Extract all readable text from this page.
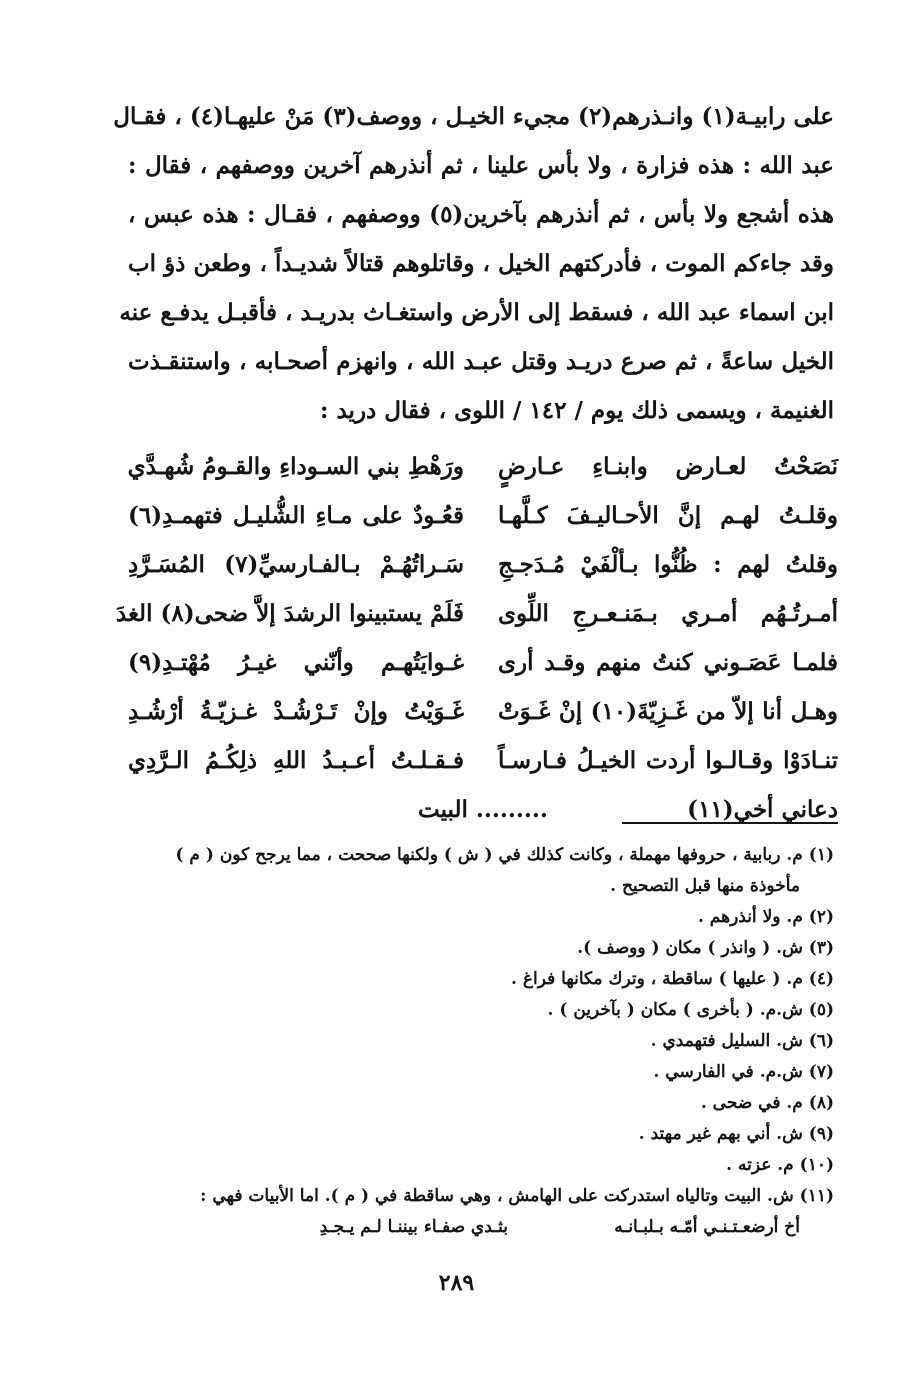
على رابيـة(١) وانـذرهم(٢) مجيء الخيـل ، ووصف(٣) مَنْ عليهـا(٤) ، فقـال
عبد الله : هذه فزارة ، ولا بأس علينا ، ثم أنذرهم آخرين ووصفهم ، فقال :
هذه أشجع ولا بأس ، ثم أنذرهم بآخرين(٥) ووصفهم ، فقـال : هذه عبس ،
وقد جاءكم الموت ، فأدركتهم الخيل ، وقاتلوهم قتالاً شديـداً ، وطعن ذؤ اب
ابن اسماء عبد الله ، فسقط إلى الأرض واستغـاث بدريـد ، فأقبـل يدفـع عنه
الخيل ساعةً ، ثم صرع دريـد وقتل عبـد الله ، وانهزم أصحـابه ، واستنقـذت
الغنيمة ، ويسمى ذلك يوم / ١٤٢ / اللوى ، فقال دريد :
نَصَحْتُ لعـارض وابنـاءِ عـارضٍ
ورَهْطِ بني السـوداءِ والقـومُ شُهـدَّي
وقلـتُ لهـم إنَّ الأحـاليـفَ كـلَّهـا
قعُـودٌ على مـاءِ الشُّليـل فتهمـدِ(٦)
وقلتُ لهم : ظُنُّوا بـألْفَيْ مُـدَجـجِ
سَـراتُهُـمْ بـالفـارسيِّ(٧) المُسَـرَّدِ
أمـرتُـهُم أمـري بـمَنـعـرجِ اللِّوى
فَلَمْ يستبينوا الرشدَ إلاَّ ضحى(٨) الغدَ
فلمـا عَصَـوني كنتُ منهم وقـد أرى
غـوايَتُهـم وأنّني غيـرُ مُهْتـدِ(٩)
وهـل أنا إلاّ من غَـزِيّةَ(١٠) إنْ غَـوَتْ
غَـوَيْتُ وإنْ تَـرْشُـدْ غـزيّـةُ أرْشُـدِ
تنـادَوْا وقـالـوا أردت الخيـلُ فـارسـاً
فـقـلـتُ أعـبـدُ اللهِ ذلِكُـمُ الـرَّدِي
دعاني أخي(١١)
......... البيت
(١) م. ربابية ، حروفها مهملة ، وكانت كذلك في ( ش ) ولكنها صححت ، مما يرجح كون ( م )
مأخوذة منها قبل التصحيح .
(٢) م. ولا أنذرهم .
(٣) ش. ( وانذر ) مكان ( ووصف ).
(٤) م. ( عليها ) ساقطة ، وترك مكانها فراغ .
(٥) ش.م. ( بأخرى ) مكان ( بآخرين ) .
(٦) ش. السليل فتهمدي .
(٧) ش.م. في الفارسي .
(٨) م. في ضحى .
(٩) ش. أني بهم غير مهتد .
(١٠) م. عزته .
(١١) ش. البيت وتالياه استدركت على الهامش ، وهي ساقطة في ( م ). اما الأبيات فهي :
أخ أرضعـتـنـي أمّـه بـلبـانـه
بثـدي صفـاء بيننـا لـم يـجـدِ
٢٨٩
